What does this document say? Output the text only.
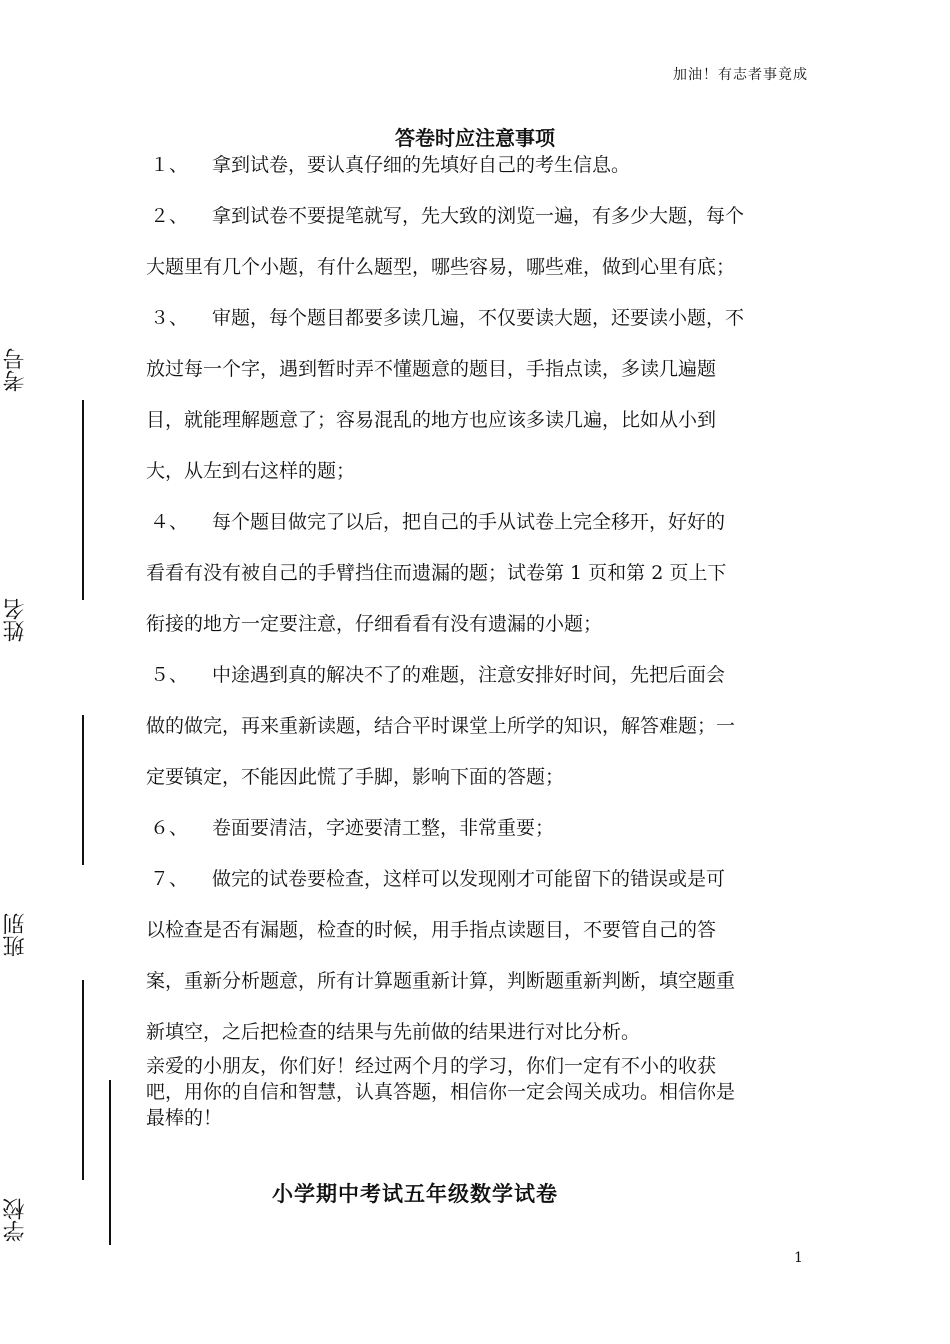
加油！有志者事竟成
答卷时应注意事项

１、 拿到试卷，要认真仔细的先填好自己的考生信息。

２、 拿到试卷不要提笔就写，先大致的浏览一遍，有多少大题，每个

大题里有几个小题，有什么题型，哪些容易，哪些难，做到心里有底；

３、 审题，每个题目都要多读几遍，不仅要读大题，还要读小题，不

放过每一个字，遇到暂时弄不懂题意的题目，手指点读，多读几遍题

目，就能理解题意了；容易混乱的地方也应该多读几遍，比如从小到

大，从左到右这样的题；

４、 每个题目做完了以后，把自己的手从试卷上完全移开，好好的

看看有没有被自己的手臂挡住而遗漏的题；试卷第 1 页和第 2 页上下

衔接的地方一定要注意，仔细看看有没有遗漏的小题；

５、 中途遇到真的解决不了的难题，注意安排好时间，先把后面会

做的做完，再来重新读题，结合平时课堂上所学的知识，解答难题；一

定要镇定，不能因此慌了手脚，影响下面的答题；

６、 卷面要清洁，字迹要清工整，非常重要；

７、 做完的试卷要检查，这样可以发现刚才可能留下的错误或是可

以检查是否有漏题，检查的时候，用手指点读题目，不要管自己的答

案，重新分析题意，所有计算题重新计算，判断题重新判断，填空题重

新填空，之后把检查的结果与先前做的结果进行对比分析。

亲爱的小朋友，你们好！经过两个月的学习，你们一定有不小的收获
吧，用你的自信和智慧，认真答题，相信你一定会闯关成功。相信你是
最棒的！
小学期中考试五年级数学试卷
1
考号
姓名
班别
学校
